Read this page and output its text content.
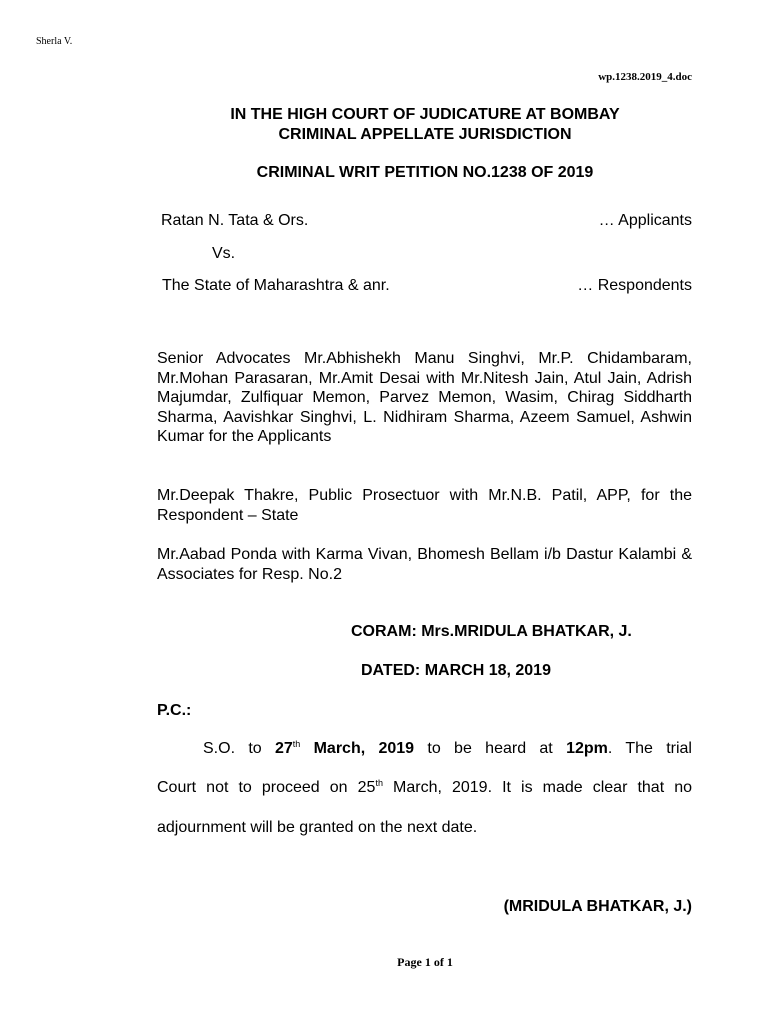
Sherla V.
wp.1238.2019_4.doc
IN THE HIGH COURT OF JUDICATURE AT BOMBAY
CRIMINAL APPELLATE JURISDICTION
CRIMINAL WRIT PETITION NO.1238 OF 2019
Ratan N. Tata & Ors.	… Applicants
Vs.
The State of Maharashtra & anr.	… Respondents

Senior Advocates Mr.Abhishekh Manu Singhvi, Mr.P. Chidambaram, Mr.Mohan Parasaran, Mr.Amit Desai with Mr.Nitesh Jain, Atul Jain, Adrish Majumdar, Zulfiquar Memon, Parvez Memon, Wasim, Chirag Siddharth Sharma, Aavishkar Singhvi, L. Nidhiram Sharma, Azeem Samuel, Ashwin Kumar for the Applicants

Mr.Deepak Thakre, Public Prosectuor with Mr.N.B. Patil, APP, for the Respondent – State

Mr.Aabad Ponda with Karma Vivan, Bhomesh Bellam i/b Dastur Kalambi & Associates for Resp. No.2

CORAM: Mrs.MRIDULA BHATKAR, J.
DATED: MARCH 18, 2019
P.C.:
S.O. to 27th March, 2019 to be heard at 12pm. The trial
Court not to proceed on 25th March, 2019. It is made clear that no
adjournment will be granted on the next date.
(MRIDULA BHATKAR, J.)
Page 1 of 1
